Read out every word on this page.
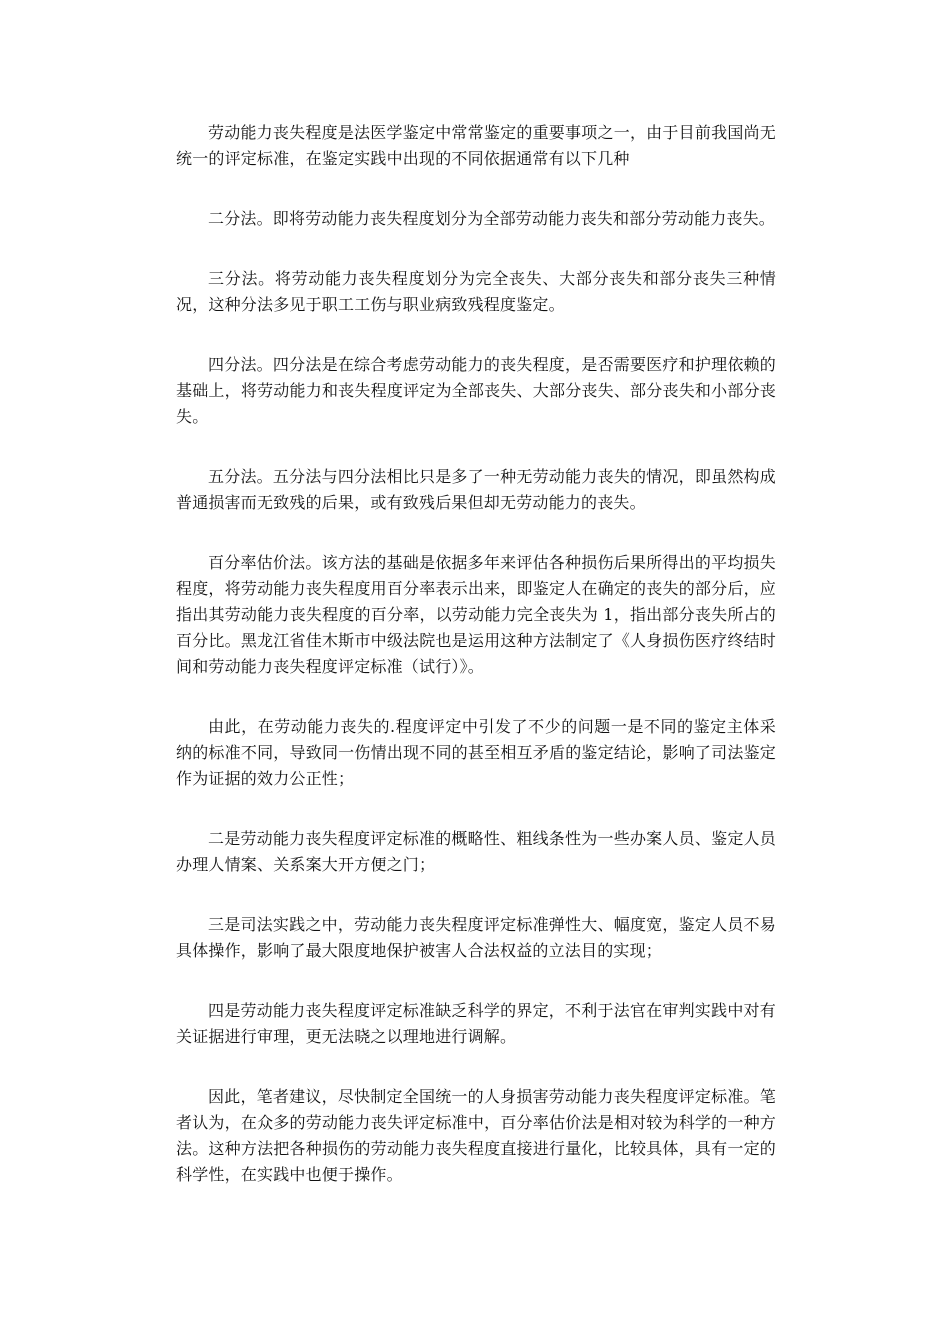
劳动能力丧失程度是法医学鉴定中常常鉴定的重要事项之一，由于目前我国尚无统一的评定标准，在鉴定实践中出现的不同依据通常有以下几种

二分法。即将劳动能力丧失程度划分为全部劳动能力丧失和部分劳动能力丧失。

三分法。将劳动能力丧失程度划分为完全丧失、大部分丧失和部分丧失三种情况，这种分法多见于职工工伤与职业病致残程度鉴定。

四分法。四分法是在综合考虑劳动能力的丧失程度，是否需要医疗和护理依赖的基础上，将劳动能力和丧失程度评定为全部丧失、大部分丧失、部分丧失和小部分丧失。

五分法。五分法与四分法相比只是多了一种无劳动能力丧失的情况，即虽然构成普通损害而无致残的后果，或有致残后果但却无劳动能力的丧失。

百分率估价法。该方法的基础是依据多年来评估各种损伤后果所得出的平均损失程度，将劳动能力丧失程度用百分率表示出来，即鉴定人在确定的丧失的部分后，应指出其劳动能力丧失程度的百分率，以劳动能力完全丧失为 1，指出部分丧失所占的百分比。黑龙江省佳木斯市中级法院也是运用这种方法制定了《人身损伤医疗终结时间和劳动能力丧失程度评定标准（试行）》。

由此，在劳动能力丧失的.程度评定中引发了不少的问题一是不同的鉴定主体采纳的标准不同，导致同一伤情出现不同的甚至相互矛盾的鉴定结论，影响了司法鉴定作为证据的效力公正性；

二是劳动能力丧失程度评定标准的概略性、粗线条性为一些办案人员、鉴定人员办理人情案、关系案大开方便之门；

三是司法实践之中，劳动能力丧失程度评定标准弹性大、幅度宽，鉴定人员不易具体操作，影响了最大限度地保护被害人合法权益的立法目的实现；

四是劳动能力丧失程度评定标准缺乏科学的界定，不利于法官在审判实践中对有关证据进行审理，更无法晓之以理地进行调解。

因此，笔者建议，尽快制定全国统一的人身损害劳动能力丧失程度评定标准。笔者认为，在众多的劳动能力丧失评定标准中，百分率估价法是相对较为科学的一种方法。这种方法把各种损伤的劳动能力丧失程度直接进行量化，比较具体，具有一定的科学性，在实践中也便于操作。
